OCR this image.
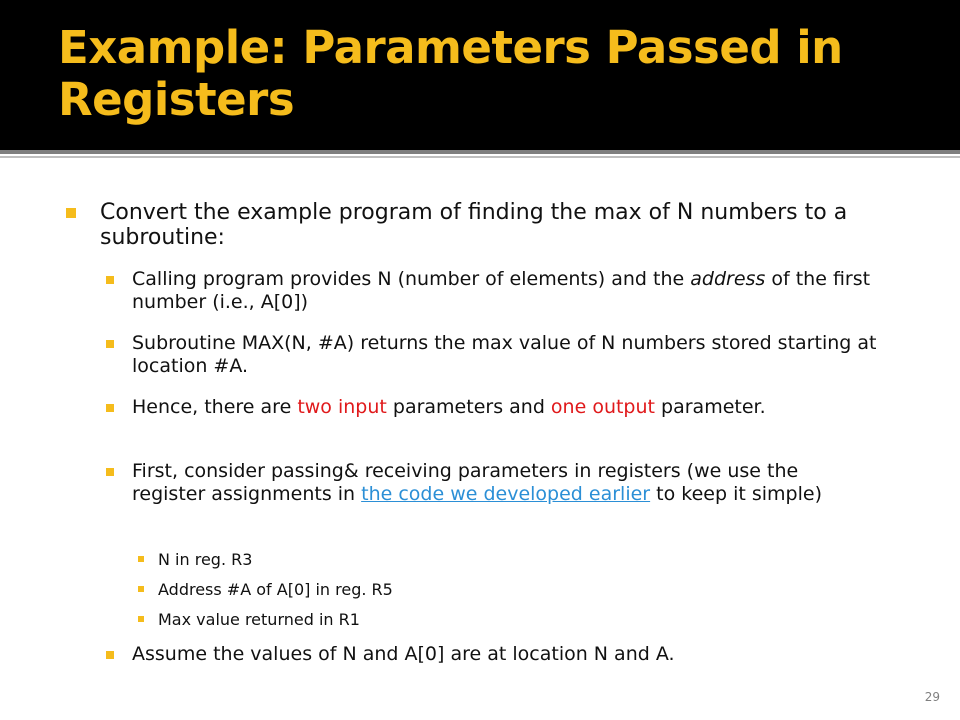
Example: Parameters Passed in Registers
Convert the example program of finding the max of N numbers to a subroutine:
Calling program provides N (number of elements) and the address of the first number (i.e., A[0])
Subroutine MAX(N, #A) returns the max value of N numbers stored starting at location #A.
Hence, there are two input parameters and one output parameter.
First, consider passing& receiving parameters in registers (we use the register assignments in the code we developed earlier to keep it simple)
N in reg. R3
Address #A of A[0] in reg. R5
Max value returned in R1
Assume the values of N and A[0] are at location N and A.
29
